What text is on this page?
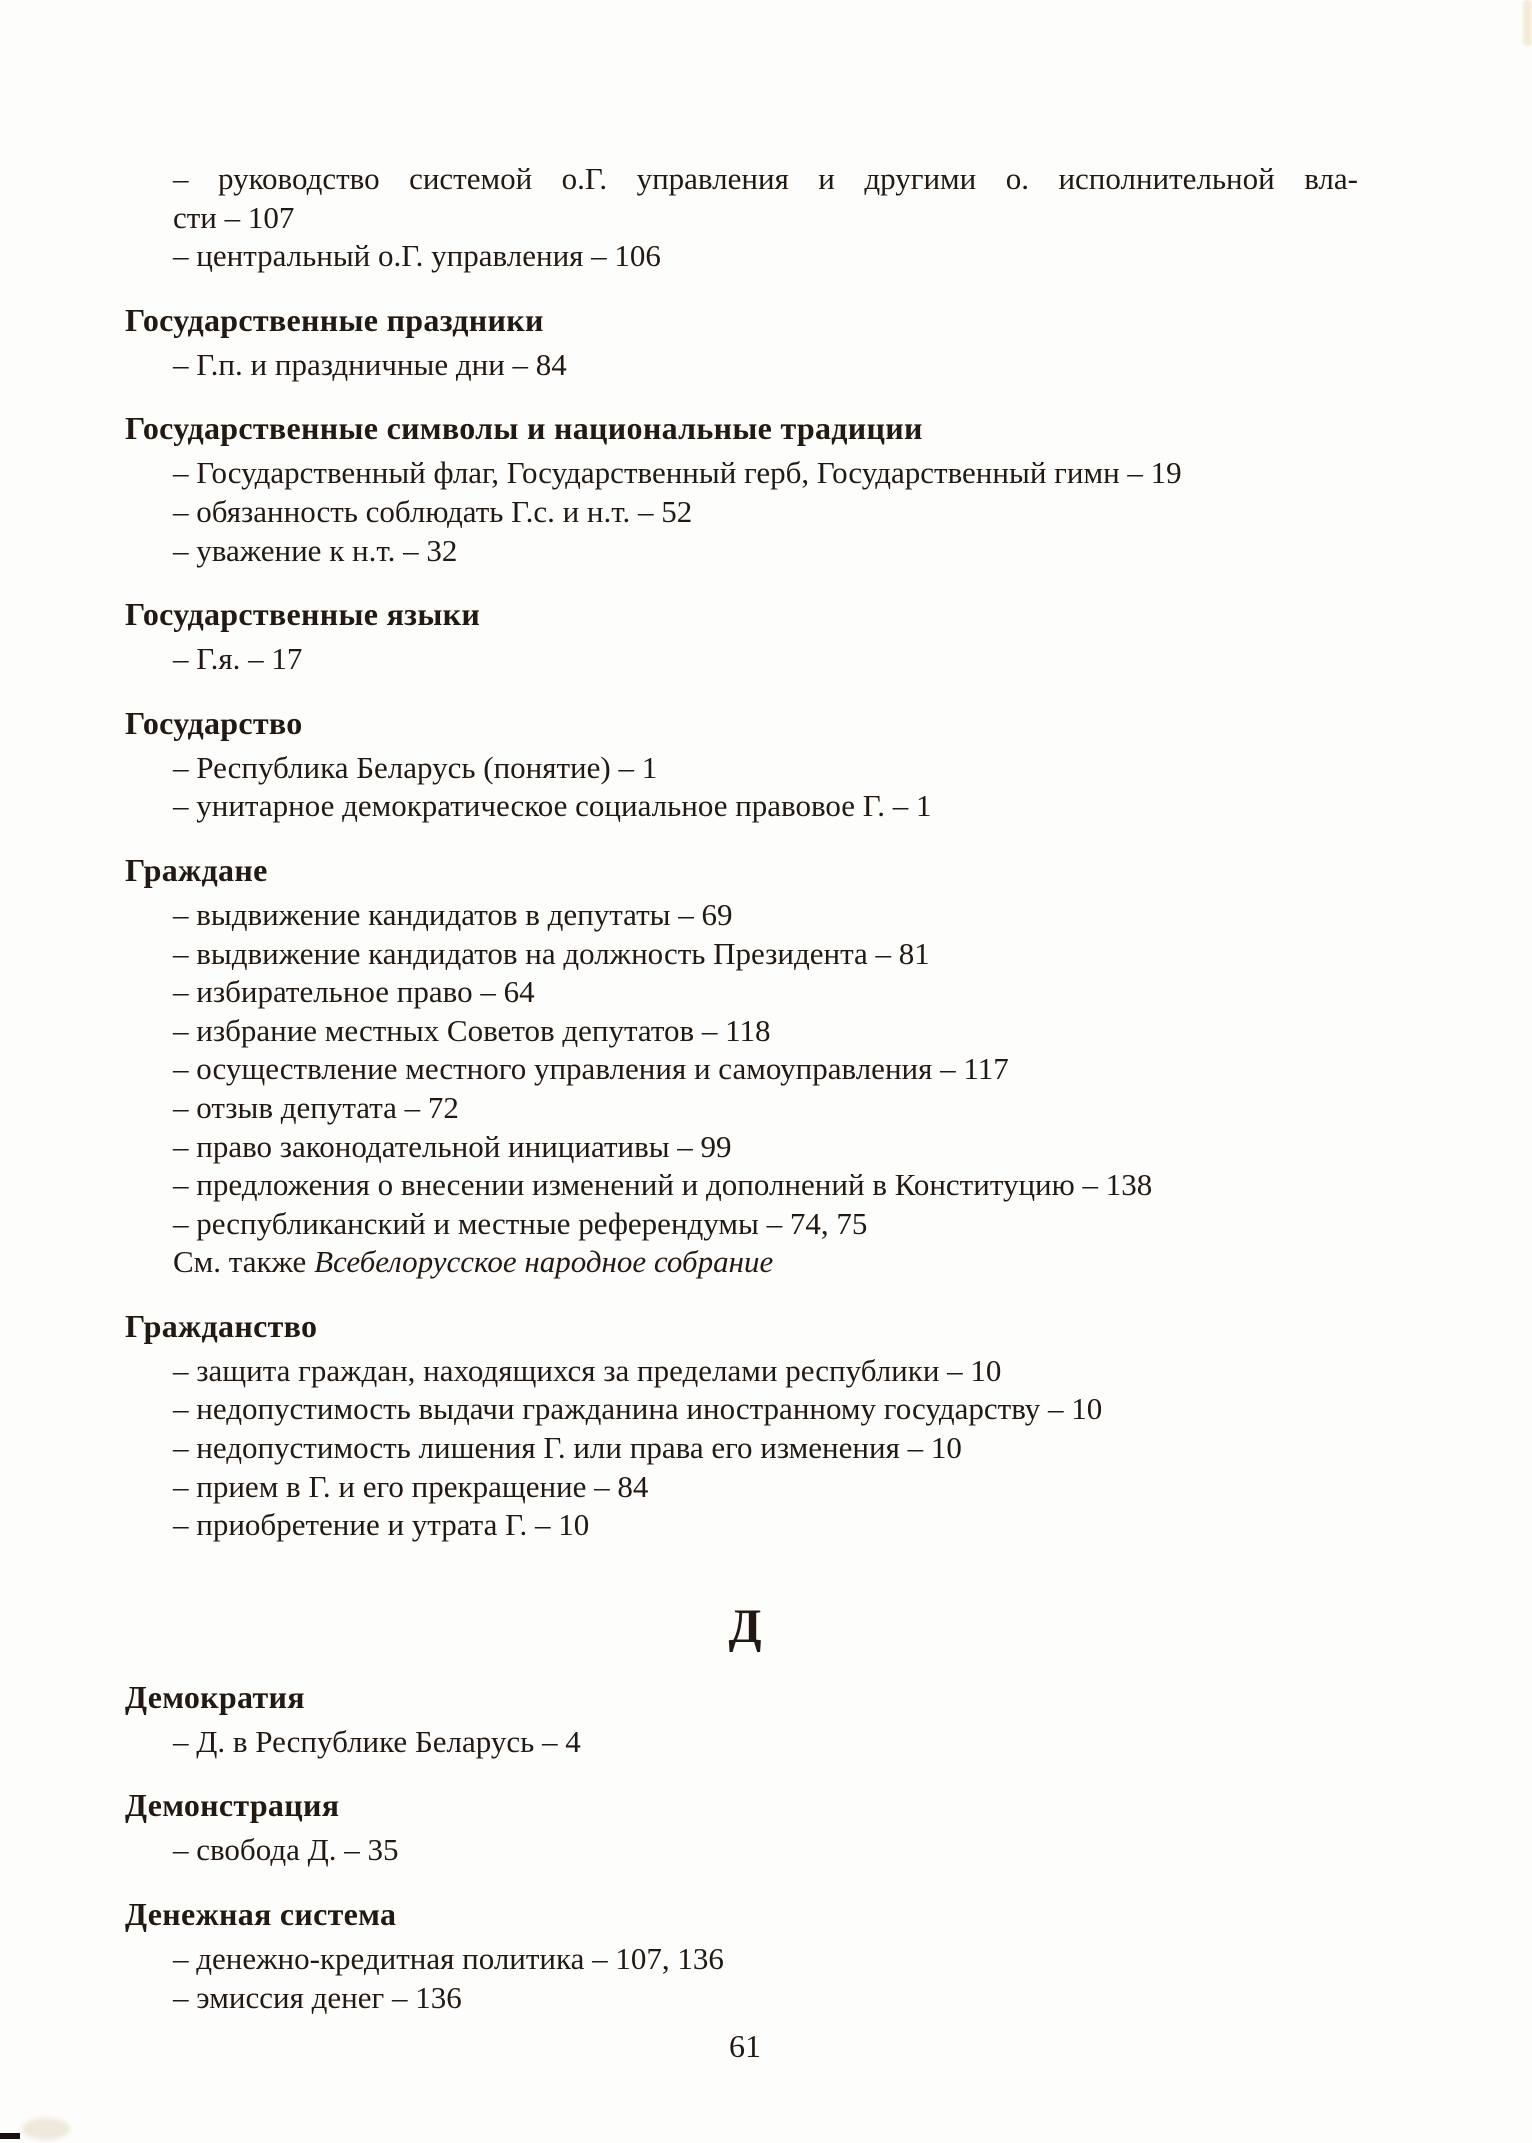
– руководство системой о.Г. управления и другими о. исполнительной вла-
сти – 107
– центральный о.Г. управления – 106
Государственные праздники
– Г.п. и праздничные дни – 84
Государственные символы и национальные традиции
– Государственный флаг, Государственный герб, Государственный гимн – 19
– обязанность соблюдать Г.с. и н.т. – 52
– уважение к н.т. – 32
Государственные языки
– Г.я. – 17
Государство
– Республика Беларусь (понятие) – 1
– унитарное демократическое социальное правовое Г. – 1
Граждане
– выдвижение кандидатов в депутаты – 69
– выдвижение кандидатов на должность Президента – 81
– избирательное право – 64
– избрание местных Советов депутатов – 118
– осуществление местного управления и самоуправления – 117
– отзыв депутата – 72
– право законодательной инициативы – 99
– предложения о внесении изменений и дополнений в Конституцию – 138
– республиканский и местные референдумы – 74, 75
См. также Всебелорусское народное собрание
Гражданство
– защита граждан, находящихся за пределами республики – 10
– недопустимость выдачи гражданина иностранному государству – 10
– недопустимость лишения Г. или права его изменения – 10
– прием в Г. и его прекращение – 84
– приобретение и утрата Г. – 10
Д
Демократия
– Д. в Республике Беларусь – 4
Демонстрация
– свобода Д. – 35
Денежная система
– денежно-кредитная политика – 107, 136
– эмиссия денег – 136
61
